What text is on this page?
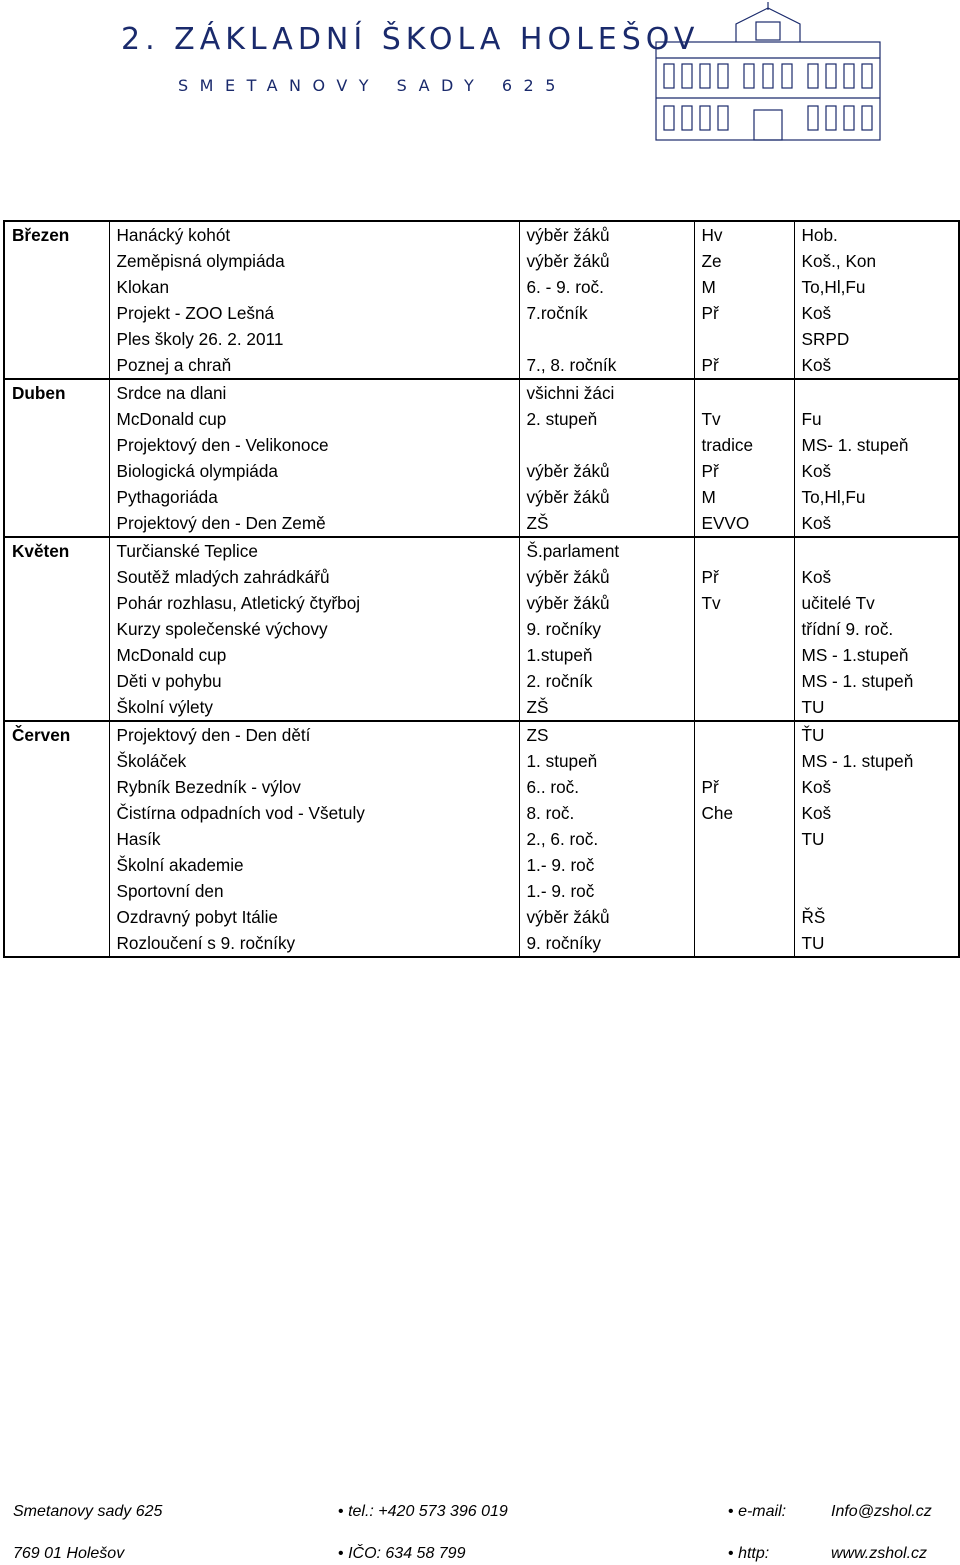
2. ZÁKLADNÍ ŠKOLA HOLEŠOV
SMETANOVY SADY 625
Březen	Hanácký kohót	výběr žáků	Hv	Hob.
	Zeměpisná olympiáda	výběr žáků	Ze	Koš., Kon
	Klokan	6. - 9. roč.	M	To,Hl,Fu
	Projekt - ZOO Lešná	7.ročník	Př	Koš
	Ples školy 26. 2. 2011			SRPD
	Poznej a chraň	7., 8. ročník	Př	Koš
Duben	Srdce na dlani	všichni žáci		
	McDonald cup	2. stupeň	Tv	Fu
	Projektový den - Velikonoce		tradice	MS- 1. stupeň
	Biologická olympiáda	výběr žáků	Př	Koš
	Pythagoriáda	výběr žáků	M	To,Hl,Fu
	Projektový den - Den Země	ZŠ	EVVO	Koš
Květen	Turčianské Teplice	Š.parlament		
	Soutěž mladých zahrádkářů	výběr žáků	Př	Koš
	Pohár rozhlasu, Atletický čtyřboj	výběr žáků	Tv	učitelé Tv
	Kurzy společenské výchovy	9. ročníky		třídní 9. roč.
	McDonald cup	1.stupeň		MS - 1.stupeň
	Děti v pohybu	2. ročník		MS - 1. stupeň
	Školní výlety	ZŠ		TU
Červen	Projektový den - Den dětí	ZS		ŤU
	Školáček	1. stupeň		MS - 1. stupeň
	Rybník Bezedník - výlov	6.. roč.	Př	Koš
	Čistírna odpadních vod - Všetuly	8. roč.	Che	Koš
	Hasík	2., 6. roč.		TU
	Školní akademie	1.- 9. roč		
	Sportovní den	1.- 9. roč		
	Ozdravný pobyt Itálie	výběr žáků		ŘŠ
	Rozloučení s 9. ročníky	9. ročníky		TU
Smetanovy sady 625	• tel.: +420 573 396 019	• e-mail:	Info@zshol.cz
769 01 Holešov	• IČO: 634 58 799	• http:	www.zshol.cz
